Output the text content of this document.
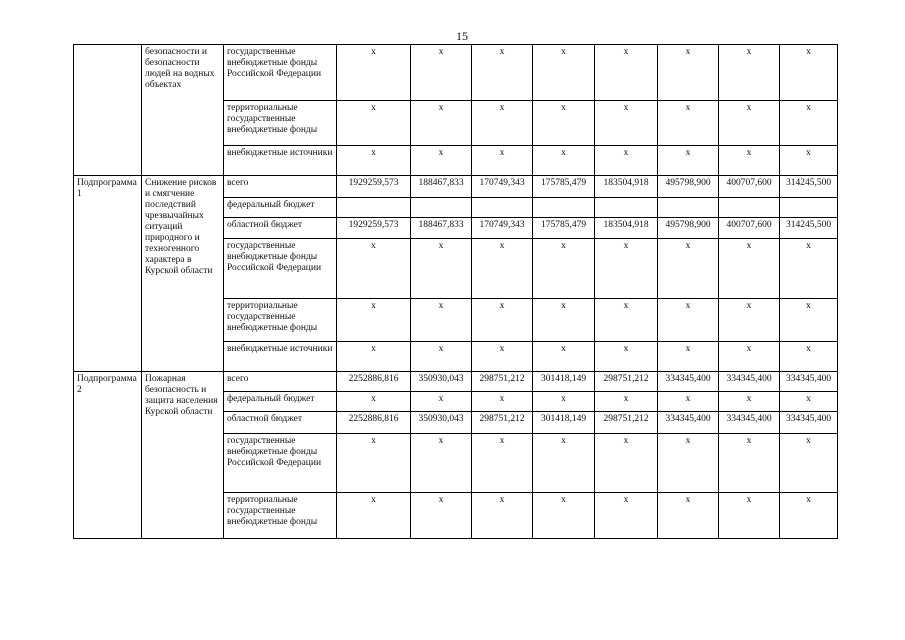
15
	безопасности и безопасности людей на водных объектах	государственные внебюджетные фонды Российской Федерации	x	x	x	x	x	x	x	x
		территориальные государственные внебюджетные фонды	x	x	x	x	x	x	x	x
		внебюджетные источники	x	x	x	x	x	x	x	x
Подпрограмма 1	Снижение рисков и смягчение последствий чрезвычайных ситуаций природного и техногенного характера в Курской области	всего	1929259,573	188467,833	170749,343	175785,479	183504,918	495798,900	400707,600	314245,500
		федеральный бюджет								
		областной бюджет	1929259,573	188467,833	170749,343	175785,479	183504,918	495798,900	400707,600	314245,500
		государственные внебюджетные фонды Российской Федерации	x	x	x	x	x	x	x	x
		территориальные государственные внебюджетные фонды	x	x	x	x	x	x	x	x
		внебюджетные источники	x	x	x	x	x	x	x	x
Подпрограмма 2	Пожарная безопасность и защита населения Курской области	всего	2252886,816	350930,043	298751,212	301418,149	298751,212	334345,400	334345,400	334345,400
		федеральный бюджет	x	x	x	x	x	x	x	x
		областной бюджет	2252886,816	350930,043	298751,212	301418,149	298751,212	334345,400	334345,400	334345,400
		государственные внебюджетные фонды Российской Федерации	x	x	x	x	x	x	x	x
		территориальные государственные внебюджетные фонды	x	x	x	x	x	x	x	x
